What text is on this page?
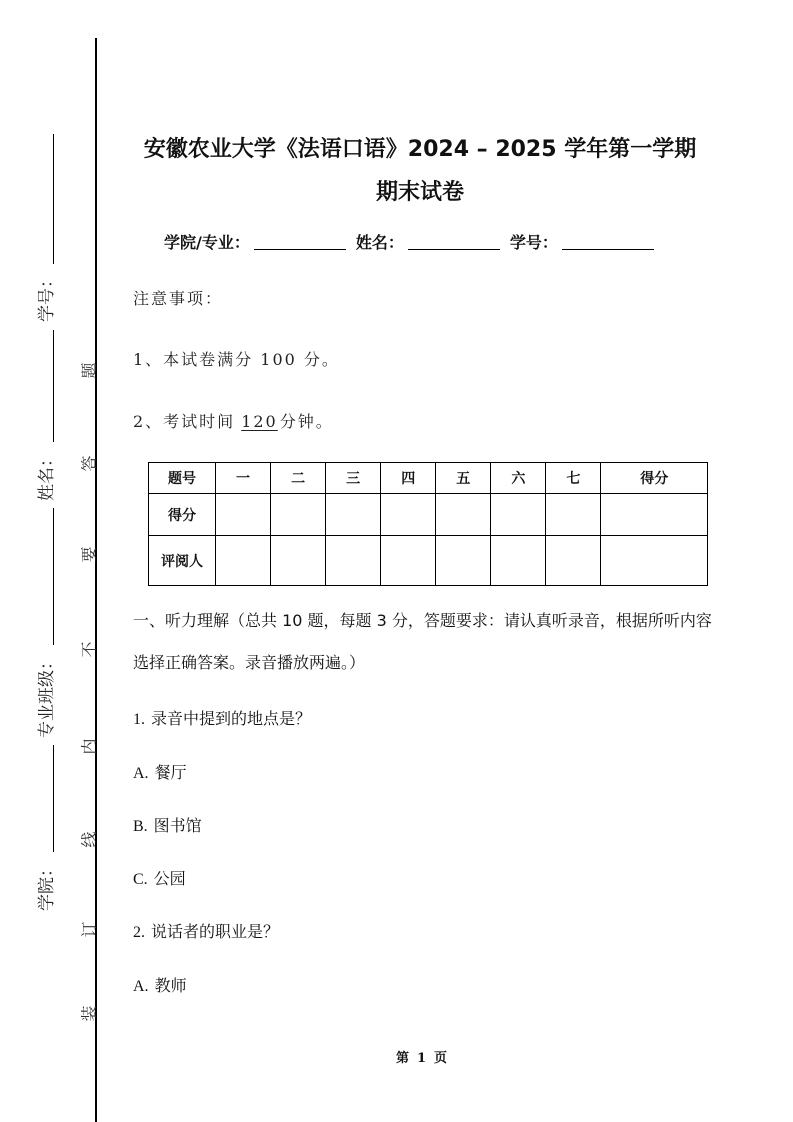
学号：
姓名：
专业班级：
学院：
题
答
要
不
内
线
订
装
安徽农业大学《法语口语》2024 – 2025 学年第一学期
期末试卷
学院/专业：	姓名：	学号：
注意事项：
1、本试卷满分 100 分。
2、考试时间 120 分钟。
题号	一	二	三	四	五	六	七	得分
得分								
评阅人								
一、听力理解（总共 10 题，每题 3 分，答题要求：请认真听录音，根据所听内容选择正确答案。录音播放两遍。）
1. 录音中提到的地点是？
A. 餐厅
B. 图书馆
C. 公园
2. 说话者的职业是？
A. 教师
第 1 页
